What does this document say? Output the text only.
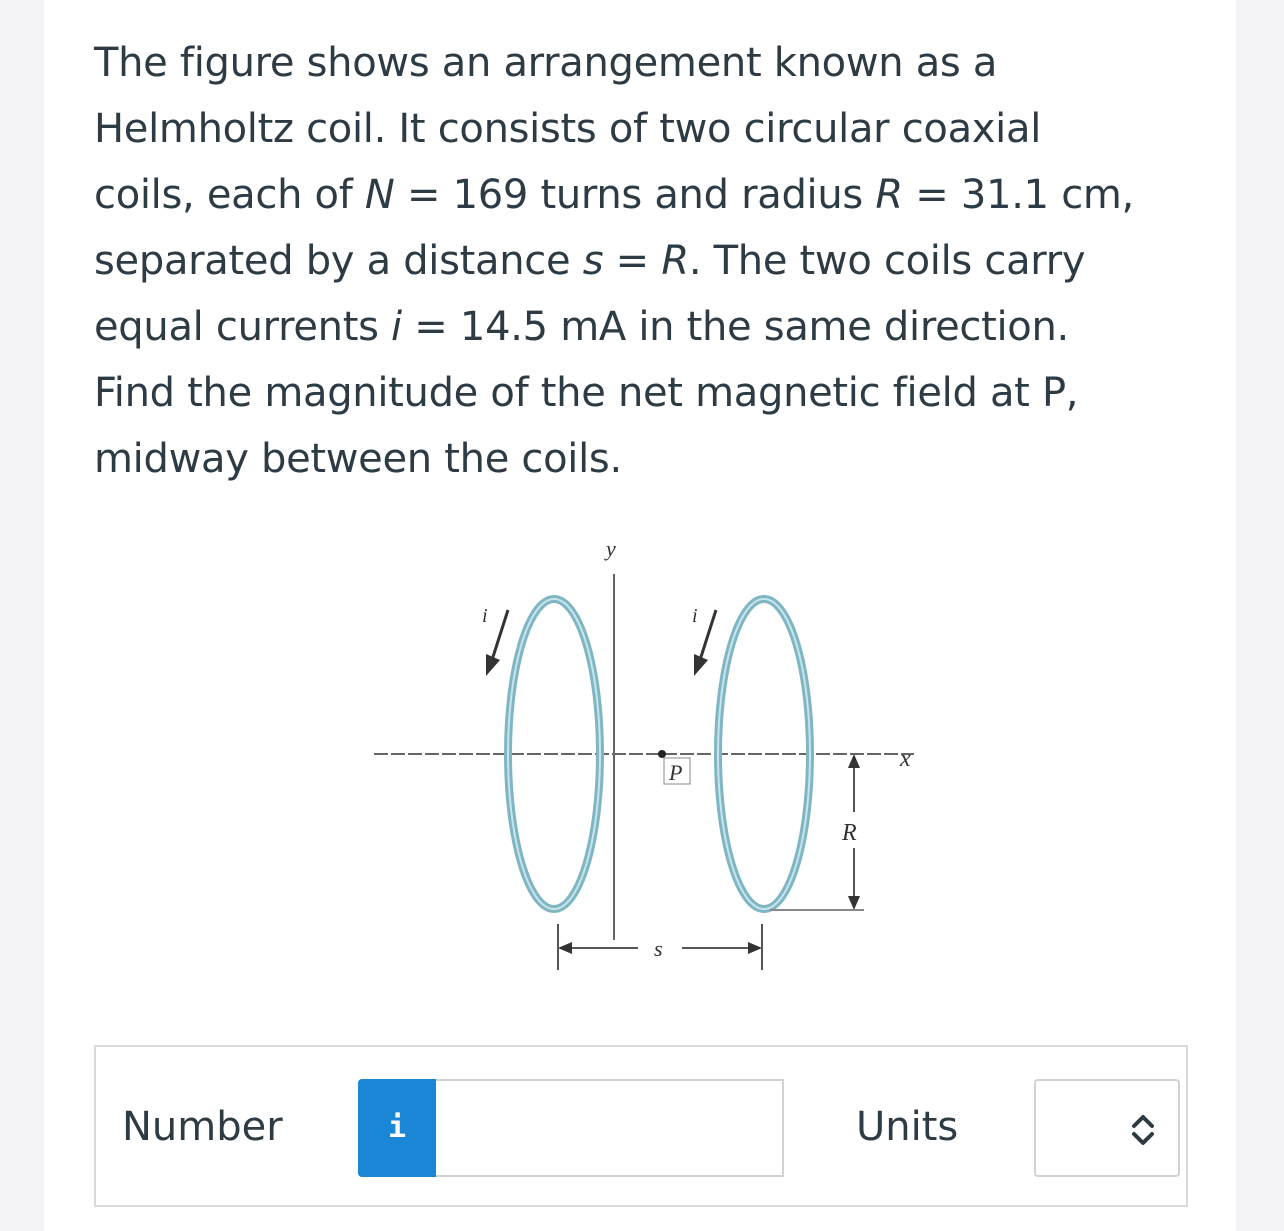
The figure shows an arrangement known as a
Helmholtz coil. It consists of two circular coaxial
coils, each of N = 169 turns and radius R = 31.1 cm,
separated by a distance s = R. The two coils carry
equal currents i = 14.5 mA in the same direction.
Find the magnitude of the net magnetic field at P,
midway between the coils.

y
x
P
i	i
R
s
Number	i	Units
